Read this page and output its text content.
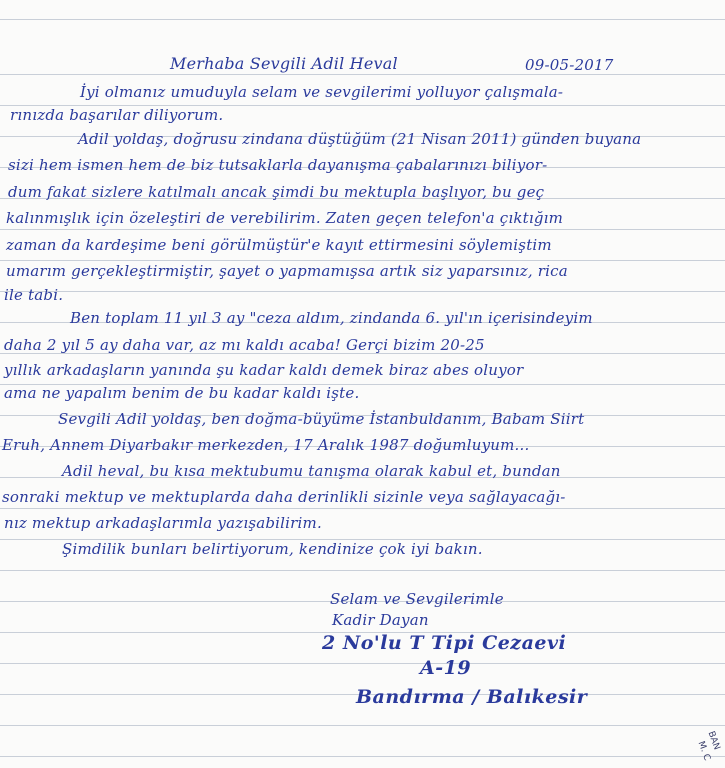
Merhaba Sevgili Adil Heval	09-05-2017
İyi olmanız umuduyla selam ve sevgilerimi yolluyor çalışmala-
rınızda başarılar diliyorum.
Adil yoldaş, doğrusu zindana düştüğüm (21 Nisan 2011) günden buyana
sizi hem ismen hem de biz tutsaklarla dayanışma çabalarınızı biliyor-
dum fakat sizlere katılmalı ancak şimdi bu mektupla başlıyor, bu geç
kalınmışlık için özeleştiri de verebilirim. Zaten geçen telefon'a çıktığım
zaman da kardeşime beni görülmüştür'e kayıt ettirmesini söylemiştim
umarım gerçekleştirmiştir, şayet o yapmamışsa artık siz yaparsınız, rica
ile tabi.
Ben toplam 11 yıl 3 ay "ceza aldım, zindanda 6. yıl'ın içerisindeyim
daha 2 yıl 5 ay daha var, az mı kaldı acaba! Gerçi bizim 20-25
yıllık arkadaşların yanında şu kadar kaldı demek biraz abes oluyor
ama ne yapalım benim de bu kadar kaldı işte.
Sevgili Adil yoldaş, ben doğma-büyüme İstanbuldanım, Babam Siirt
Eruh, Annem Diyarbakır merkezden, 17 Aralık 1987 doğumluyum...
Adil heval, bu kısa mektubumu tanışma olarak kabul et, bundan
sonraki mektup ve mektuplarda daha derinlikli sizinle veya sağlayacağı-
nız mektup arkadaşlarımla yazışabilirim.
Şimdilik bunları belirtiyorum, kendinize çok iyi bakın.
Selam ve Sevgilerimle
Kadir Dayan
2 No'lu T Tipi Cezaevi
A-19
Bandırma / Balıkesir
BAN
M. C
